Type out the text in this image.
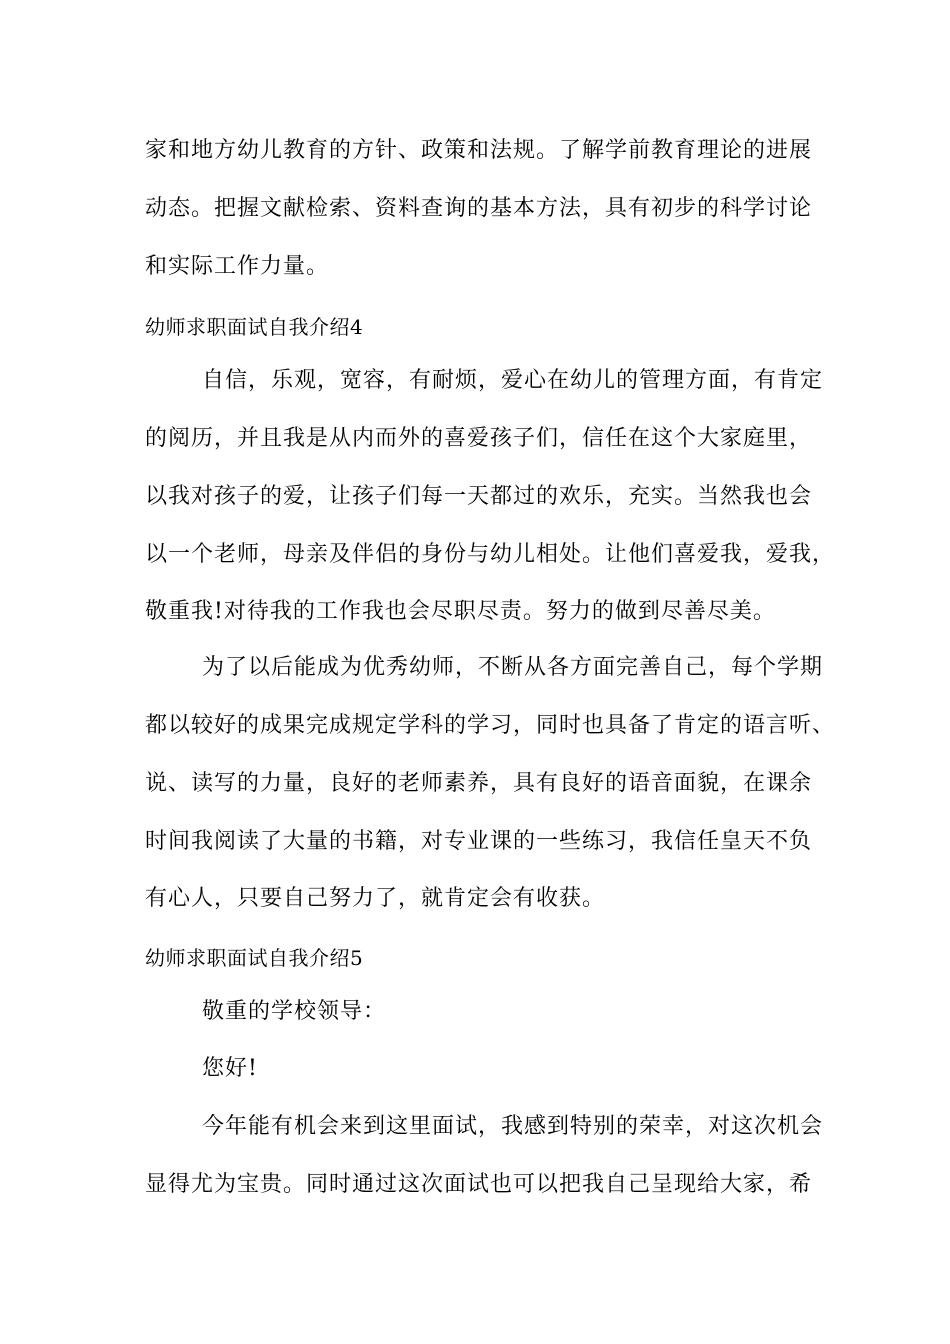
家和地方幼儿教育的方针、政策和法规。了解学前教育理论的进展
动态。把握文献检索、资料查询的基本方法，具有初步的科学讨论
和实际工作力量。
幼师求职面试自我介绍4
自信，乐观，宽容，有耐烦，爱心在幼儿的管理方面，有肯定
的阅历，并且我是从内而外的喜爱孩子们，信任在这个大家庭里，
以我对孩子的爱，让孩子们每一天都过的欢乐，充实。当然我也会
以一个老师，母亲及伴侣的身份与幼儿相处。让他们喜爱我，爱我，
敬重我!对待我的工作我也会尽职尽责。努力的做到尽善尽美。
为了以后能成为优秀幼师，不断从各方面完善自己，每个学期
都以较好的成果完成规定学科的学习，同时也具备了肯定的语言听、
说、读写的力量，良好的老师素养，具有良好的语音面貌，在课余
时间我阅读了大量的书籍，对专业课的一些练习，我信任皇天不负
有心人，只要自己努力了，就肯定会有收获。
幼师求职面试自我介绍5
敬重的学校领导：
您好!
今年能有机会来到这里面试，我感到特别的荣幸，对这次机会
显得尤为宝贵。同时通过这次面试也可以把我自己呈现给大家，希
